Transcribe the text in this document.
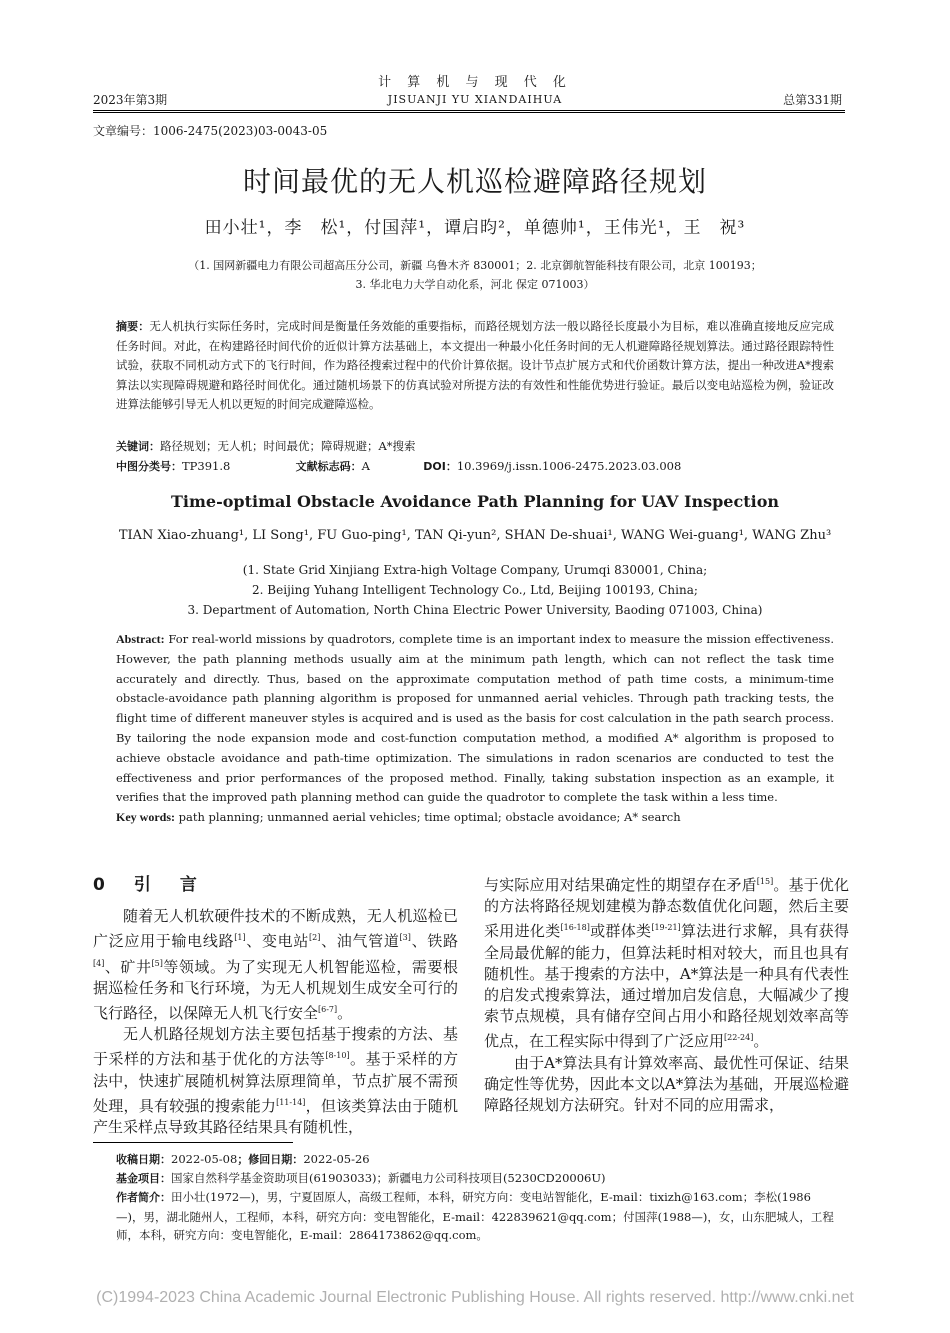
计 算 机 与 现 代 化
JISUANJI YU XIANDAIHUA
2023年第3期	总第331期
文章编号：1006-2475(2023)03-0043-05
时间最优的无人机巡检避障路径规划
田小壮¹，李　松¹，付国萍¹，谭启昀²，单德帅¹，王伟光¹，王　祝³
（1. 国网新疆电力有限公司超高压分公司，新疆 乌鲁木齐 830001；2. 北京御航智能科技有限公司，北京 100193；
3. 华北电力大学自动化系，河北 保定 071003）
摘要：无人机执行实际任务时，完成时间是衡量任务效能的重要指标，而路径规划方法一般以路径长度最小为目标，难以准确直接地反应完成任务时间。对此，在构建路径时间代价的近似计算方法基础上，本文提出一种最小化任务时间的无人机避障路径规划算法。通过路径跟踪特性试验，获取不同机动方式下的飞行时间，作为路径搜索过程中的代价计算依据。设计节点扩展方式和代价函数计算方法，提出一种改进A*搜索算法以实现障碍规避和路径时间优化。通过随机场景下的仿真试验对所提方法的有效性和性能优势进行验证。最后以变电站巡检为例，验证改进算法能够引导无人机以更短的时间完成避障巡检。
关键词：路径规划；无人机；时间最优；障碍规避；A*搜索
中图分类号：TP391.8	文献标志码：A	DOI：10.3969/j.issn.1006-2475.2023.03.008
Time-optimal Obstacle Avoidance Path Planning for UAV Inspection
TIAN Xiao-zhuang¹, LI Song¹, FU Guo-ping¹, TAN Qi-yun², SHAN De-shuai¹, WANG Wei-guang¹, WANG Zhu³
(1. State Grid Xinjiang Extra-high Voltage Company, Urumqi 830001, China;
2. Beijing Yuhang Intelligent Technology Co., Ltd, Beijing 100193, China;
3. Department of Automation, North China Electric Power University, Baoding 071003, China)
Abstract: For real-world missions by quadrotors, complete time is an important index to measure the mission effectiveness. However, the path planning methods usually aim at the minimum path length, which can not reflect the task time accurately and directly. Thus, based on the approximate computation method of path time costs, a minimum-time obstacle-avoidance path planning algorithm is proposed for unmanned aerial vehicles. Through path tracking tests, the flight time of different maneuver styles is acquired and is used as the basis for cost calculation in the path search process. By tailoring the node expansion mode and cost-function computation method, a modified A* algorithm is proposed to achieve obstacle avoidance and path-time optimization. The simulations in radon scenarios are conducted to test the effectiveness and prior performances of the proposed method. Finally, taking substation inspection as an example, it verifies that the improved path planning method can guide the quadrotor to complete the task within a less time.
Key words: path planning; unmanned aerial vehicles; time optimal; obstacle avoidance; A* search
0　引　言

随着无人机软硬件技术的不断成熟，无人机巡检已广泛应用于输电线路[1]、变电站[2]、油气管道[3]、铁路[4]、矿井[5]等领域。为了实现无人机智能巡检，需要根据巡检任务和飞行环境，为无人机规划生成安全可行的飞行路径，以保障无人机飞行安全[6-7]。

无人机路径规划方法主要包括基于搜索的方法、基于采样的方法和基于优化的方法等[8-10]。基于采样的方法中，快速扩展随机树算法原理简单，节点扩展不需预处理，具有较强的搜索能力[11-14]，但该类算法由于随机产生采样点导致其路径结果具有随机性，

与实际应用对结果确定性的期望存在矛盾[15]。基于优化的方法将路径规划建模为静态数值优化问题，然后主要采用进化类[16-18]或群体类[19-21]算法进行求解，具有获得全局最优解的能力，但算法耗时相对较大，而且也具有随机性。基于搜索的方法中，A*算法是一种具有代表性的启发式搜索算法，通过增加启发信息，大幅减少了搜索节点规模，具有储存空间占用小和路径规划效率高等优点，在工程实际中得到了广泛应用[22-24]。

由于A*算法具有计算效率高、最优性可保证、结果确定性等优势，因此本文以A*算法为基础，开展巡检避障路径规划方法研究。针对不同的应用需求，

收稿日期：2022-05-08；修回日期：2022-05-26
基金项目：国家自然科学基金资助项目(61903033)；新疆电力公司科技项目(5230CD20006U)
作者简介：田小壮(1972—)，男，宁夏固原人，高级工程师，本科，研究方向：变电站智能化，E-mail：tixizh@163.com；李松(1986—)，男，湖北随州人，工程师，本科，研究方向：变电智能化，E-mail：422839621@qq.com；付国萍(1988—)，女，山东肥城人，工程师，本科，研究方向：变电智能化，E-mail：2864173862@qq.com。
(C)1994-2023 China Academic Journal Electronic Publishing House. All rights reserved. http://www.cnki.net
